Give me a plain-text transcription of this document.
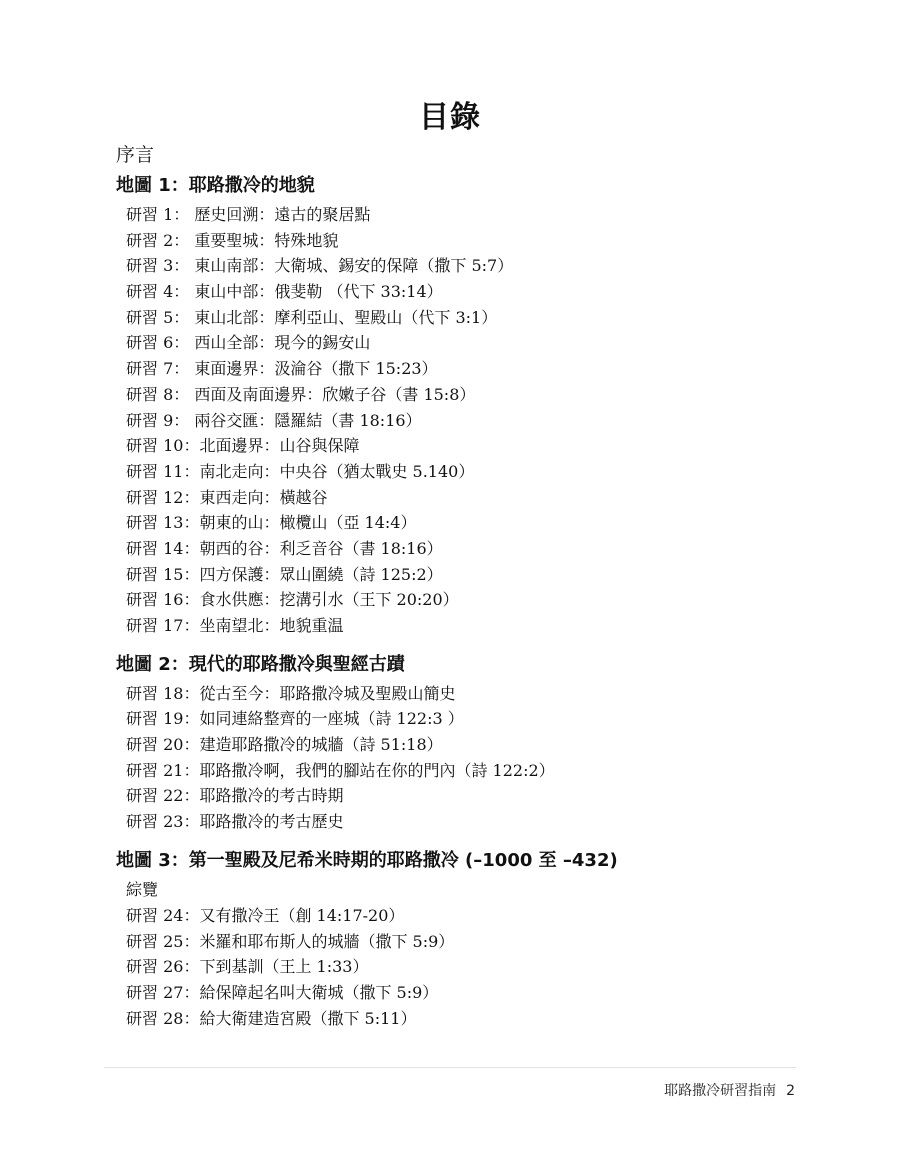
目錄
序言
地圖 1：耶路撒冷的地貌
研習 1： 歷史回溯：遠古的聚居點
研習 2： 重要聖城：特殊地貌
研習 3： 東山南部：大衛城、錫安的保障（撒下 5:7）
研習 4： 東山中部：俄斐勒 （代下 33:14）
研習 5： 東山北部：摩利亞山、聖殿山（代下 3:1）
研習 6： 西山全部：現今的錫安山
研習 7： 東面邊界：汲淪谷（撒下 15:23）
研習 8： 西面及南面邊界：欣嫩子谷（書 15:8）
研習 9： 兩谷交匯：隱羅結（書 18:16）
研習 10：北面邊界：山谷與保障
研習 11：南北走向：中央谷（猶太戰史 5.140）
研習 12：東西走向：橫越谷
研習 13：朝東的山：橄欖山（亞 14:4）
研習 14：朝西的谷：利乏音谷（書 18:16）
研習 15：四方保護：眾山圍繞（詩 125:2）
研習 16：食水供應：挖溝引水（王下 20:20）
研習 17：坐南望北：地貌重温
地圖 2：現代的耶路撒冷與聖經古蹟
研習 18：從古至今：耶路撒冷城及聖殿山簡史
研習 19：如同連絡整齊的一座城（詩 122:3 ）
研習 20：建造耶路撒冷的城牆（詩 51:18）
研習 21：耶路撒冷啊，我們的腳站在你的門內（詩 122:2）
研習 22：耶路撒冷的考古時期
研習 23：耶路撒冷的考古歷史
地圖 3：第一聖殿及尼希米時期的耶路撒冷 (–1000 至 –432)
綜覽
研習 24：又有撒冷王（創 14:17-20）
研習 25：米羅和耶布斯人的城牆（撒下 5:9）
研習 26：下到基訓（王上 1:33）
研習 27：給保障起名叫大衛城（撒下 5:9）
研習 28：給大衛建造宮殿（撒下 5:11）
耶路撒冷研習指南 2
